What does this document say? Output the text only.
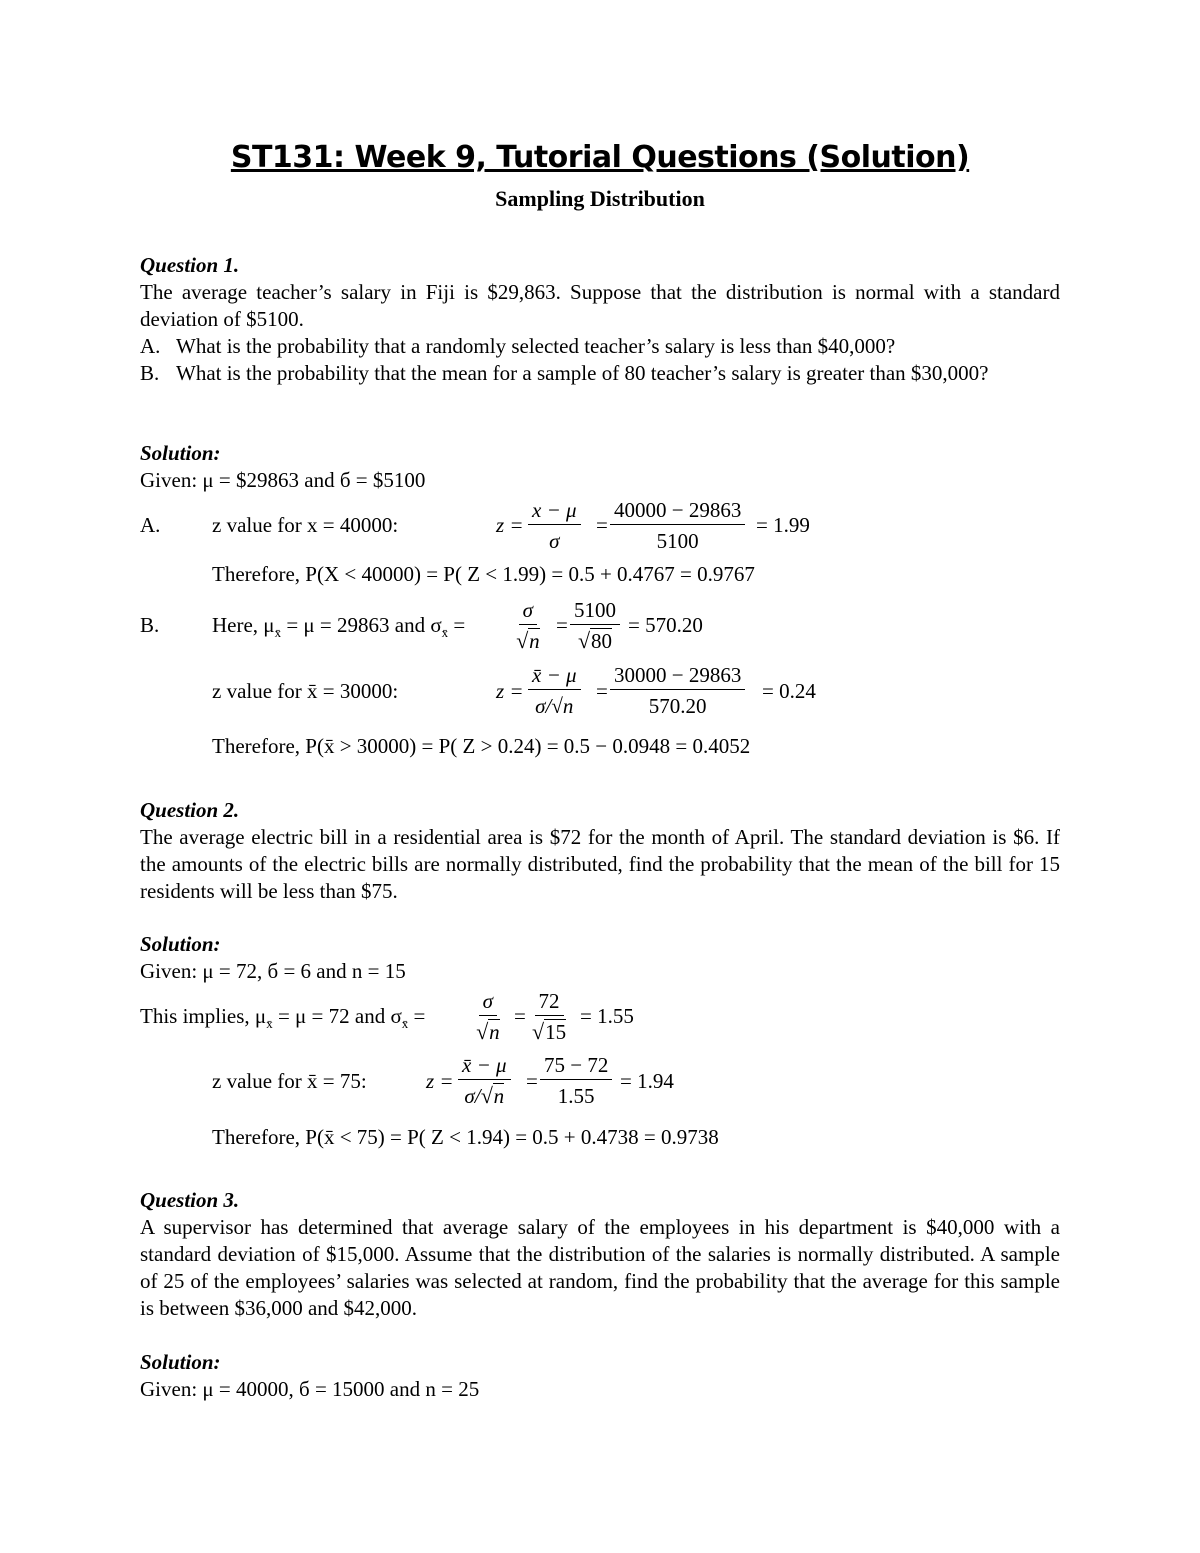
ST131: Week 9, Tutorial Questions (Solution)
Sampling Distribution
Question 1.
The average teacher’s salary in Fiji is $29,863. Suppose that the distribution is normal with a standard deviation of $5100.
A. What is the probability that a randomly selected teacher’s salary is less than $40,000?
B. What is the probability that the mean for a sample of 80 teacher’s salary is greater than $30,000?
Solution:
Given: μ = $29863 and б = $5100
A. z value for x = 40000:	$z = \frac{x - \mu}{\sigma} = \frac{40000 - 29863}{5100} = 1.99$
Therefore, P(X < 40000) = P( Z < 1.99) = 0.5 + 0.4767 = 0.9767
B.	Here, $\mu_{x̄} = \mu = 29863$ and $\sigma_{x̄} = \frac{\sigma}{√n} = \frac{5100}{√80} = 570.20$
z value for x̄ = 30000:	$z = \frac{x̄ - \mu}{\sigma/√n} = \frac{30000 - 29863}{570.20} = 0.24$
Therefore, P(x̄ > 30000) = P( Z > 0.24) = 0.5 − 0.0948 = 0.4052
Question 2.
The average electric bill in a residential area is $72 for the month of April. The standard deviation is $6. If the amounts of the electric bills are normally distributed, find the probability that the mean of the bill for 15 residents will be less than $75.
Solution:
Given: μ = 72, б = 6 and n = 15
This implies, $\mu_{x̄} = \mu = 72$ and $\sigma_{x̄} = \frac{\sigma}{√n} = \frac{72}{√15} = 1.55$
z value for x̄ = 75:	$z = \frac{x̄ - \mu}{\sigma/√n} = \frac{75 - 72}{1.55} = 1.94$
Therefore, P(x̄ < 75) = P( Z < 1.94) = 0.5 + 0.4738 = 0.9738
Question 3.
A supervisor has determined that average salary of the employees in his department is $40,000 with a standard deviation of $15,000. Assume that the distribution of the salaries is normally distributed. A sample of 25 of the employees’ salaries was selected at random, find the probability that the average for this sample is between $36,000 and $42,000.
Solution:
Given: μ = 40000, б = 15000 and n = 25
